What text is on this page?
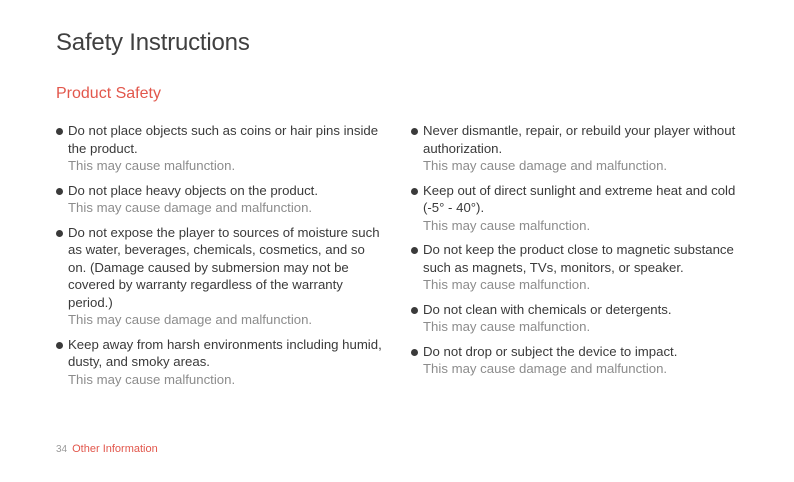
Safety Instructions
Product Safety
Do not place objects such as coins or hair pins inside the product.
This may cause malfunction.
Do not place heavy objects on the product.
This may cause damage and malfunction.
Do not expose the player to sources of moisture such as water, beverages, chemicals, cosmetics, and so on. (Damage caused by submersion may not be covered by warranty regardless of the warranty period.)
This may cause damage and malfunction.
Keep away from harsh environments including humid, dusty, and smoky areas.
This may cause malfunction.
Never dismantle, repair, or rebuild your player without authorization.
This may cause damage and malfunction.
Keep out of direct sunlight and extreme heat and cold (-5° - 40°).
This may cause malfunction.
Do not keep the product close to magnetic substance such as magnets, TVs, monitors, or speaker.
This may cause malfunction.
Do not clean with chemicals or detergents.
This may cause malfunction.
Do not drop or subject the device to impact.
This may cause damage and malfunction.
34 Other Information
